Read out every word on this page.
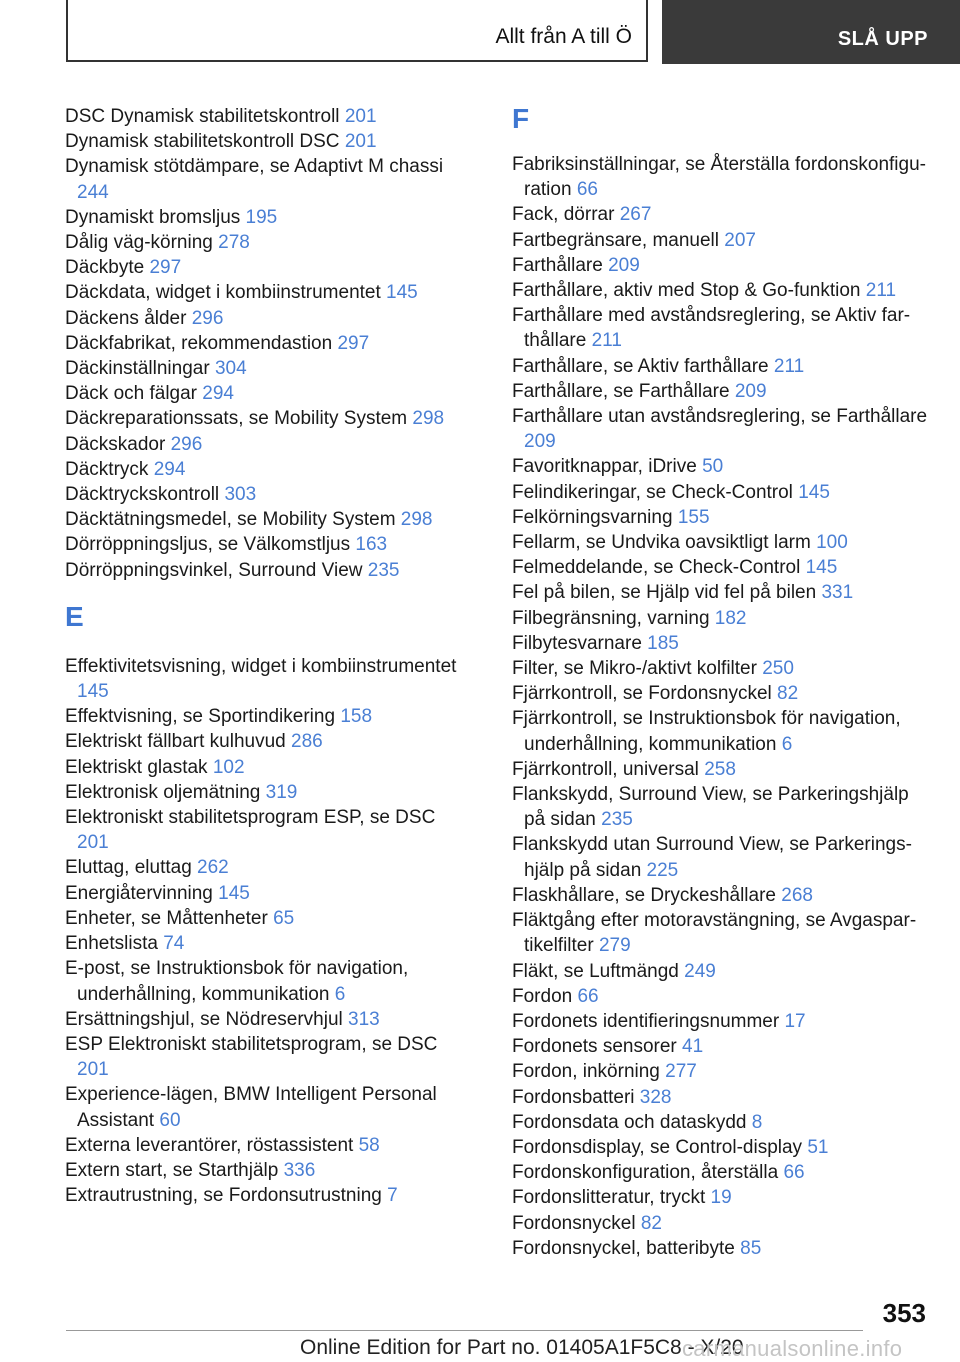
Allt från A till Ö	SLÅ UPP
DSC Dynamisk stabilitetskontroll 201
Dynamisk stabilitetskontroll DSC 201
Dynamisk stötdämpare, se Adaptivt M chassi 244
Dynamiskt bromsljus 195
Dålig väg-körning 278
Däckbyte 297
Däckdata, widget i kombiinstrumentet 145
Däckens ålder 296
Däckfabrikat, rekommendastion 297
Däckinställningar 304
Däck och fälgar 294
Däckreparationssats, se Mobility System 298
Däckskador 296
Däcktryck 294
Däcktryckskontroll 303
Däcktätningsmedel, se Mobility System 298
Dörröppningsljus, se Välkomstljus 163
Dörröppningsvinkel, Surround View 235
E
Effektivitetsvisning, widget i kombiinstrumentet 145
Effektvisning, se Sportindikering 158
Elektriskt fällbart kulhuvud 286
Elektriskt glastak 102
Elektronisk oljemätning 319
Elektroniskt stabilitetsprogram ESP, se DSC 201
Eluttag, eluttag 262
Energiåtervinning 145
Enheter, se Måttenheter 65
Enhetslista 74
E-post, se Instruktionsbok för navigation, underhållning, kommunikation 6
Ersättningshjul, se Nödreservhjul 313
ESP Elektroniskt stabilitetsprogram, se DSC 201
Experience-lägen, BMW Intelligent Personal Assistant 60
Externa leverantörer, röstassistent 58
Extern start, se Starthjälp 336
Extrautrustning, se Fordonsutrustning 7
F
Fabriksinställningar, se Återställa fordonskonfiguration 66
Fack, dörrar 267
Fartbegränsare, manuell 207
Farthållare 209
Farthållare, aktiv med Stop & Go-funktion 211
Farthållare med avståndsreglering, se Aktiv farthållare 211
Farthållare, se Aktiv farthållare 211
Farthållare, se Farthållare 209
Farthållare utan avståndsreglering, se Farthållare 209
Favoritknappar, iDrive 50
Felindikeringar, se Check-Control 145
Felkörningsvarning 155
Fellarm, se Undvika oavsiktligt larm 100
Felmeddelande, se Check-Control 145
Fel på bilen, se Hjälp vid fel på bilen 331
Filbegränsning, varning 182
Filbytesvarnare 185
Filter, se Mikro-/aktivt kolfilter 250
Fjärrkontroll, se Fordonsnyckel 82
Fjärrkontroll, se Instruktionsbok för navigation, underhållning, kommunikation 6
Fjärrkontroll, universal 258
Flankskydd, Surround View, se Parkeringshjälp på sidan 235
Flankskydd utan Surround View, se Parkeringshjälp på sidan 225
Flaskhållare, se Dryckeshållare 268
Fläktgång efter motoravstängning, se Avgaspartikelfilter 279
Fläkt, se Luftmängd 249
Fordon 66
Fordonets identifieringsnummer 17
Fordonets sensorer 41
Fordon, inkörning 277
Fordonsbatteri 328
Fordonsdata och dataskydd 8
Fordonsdisplay, se Control-display 51
Fordonskonfiguration, återställa 66
Fordonslitteratur, tryckt 19
Fordonsnyckel 82
Fordonsnyckel, batteribyte 85
353
Online Edition for Part no. 01405A1F5C8 - X/20
carmanualsonline.info
